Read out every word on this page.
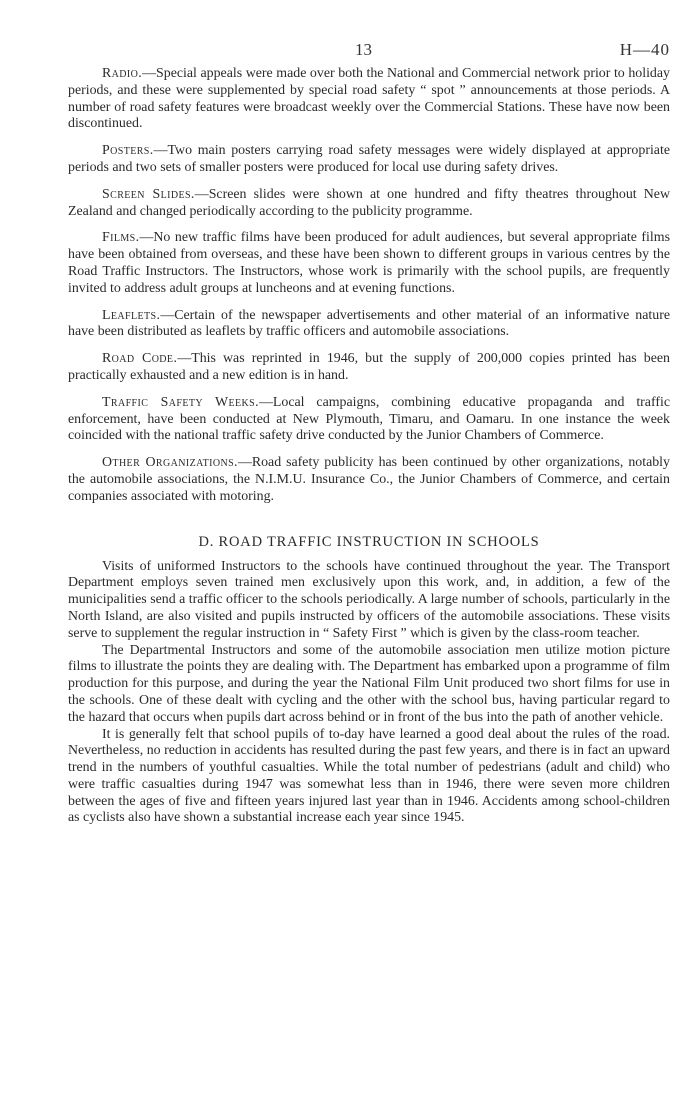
13	H—40

Radio.—Special appeals were made over both the National and Commercial network prior to holiday periods, and these were supplemented by special road safety “ spot ” announcements at those periods. A number of road safety features were broadcast weekly over the Commercial Stations. These have now been discontinued.

Posters.—Two main posters carrying road safety messages were widely displayed at appropriate periods and two sets of smaller posters were produced for local use during safety drives.

Screen Slides.—Screen slides were shown at one hundred and fifty theatres throughout New Zealand and changed periodically according to the publicity programme.

Films.—No new traffic films have been produced for adult audiences, but several appropriate films have been obtained from overseas, and these have been shown to different groups in various centres by the Road Traffic Instructors. The Instructors, whose work is primarily with the school pupils, are frequently invited to address adult groups at luncheons and at evening functions.

Leaflets.—Certain of the newspaper advertisements and other material of an informative nature have been distributed as leaflets by traffic officers and automobile associations.

Road Code.—This was reprinted in 1946, but the supply of 200,000 copies printed has been practically exhausted and a new edition is in hand.

Traffic Safety Weeks.—Local campaigns, combining educative propaganda and traffic enforcement, have been conducted at New Plymouth, Timaru, and Oamaru. In one instance the week coincided with the national traffic safety drive conducted by the Junior Chambers of Commerce.

Other Organizations.—Road safety publicity has been continued by other organizations, notably the automobile associations, the N.I.M.U. Insurance Co., the Junior Chambers of Commerce, and certain companies associated with motoring.

D. ROAD TRAFFIC INSTRUCTION IN SCHOOLS

Visits of uniformed Instructors to the schools have continued throughout the year. The Transport Department employs seven trained men exclusively upon this work, and, in addition, a few of the municipalities send a traffic officer to the schools periodically. A large number of schools, particularly in the North Island, are also visited and pupils instructed by officers of the automobile associations. These visits serve to supplement the regular instruction in “ Safety First ” which is given by the class-room teacher.

The Departmental Instructors and some of the automobile association men utilize motion picture films to illustrate the points they are dealing with. The Department has embarked upon a programme of film production for this purpose, and during the year the National Film Unit produced two short films for use in the schools. One of these dealt with cycling and the other with the school bus, having particular regard to the hazard that occurs when pupils dart across behind or in front of the bus into the path of another vehicle.

It is generally felt that school pupils of to-day have learned a good deal about the rules of the road. Nevertheless, no reduction in accidents has resulted during the past few years, and there is in fact an upward trend in the numbers of youthful casualties. While the total number of pedestrians (adult and child) who were traffic casualties during 1947 was somewhat less than in 1946, there were seven more children between the ages of five and fifteen years injured last year than in 1946. Accidents among school-children as cyclists also have shown a substantial increase each year since 1945.
